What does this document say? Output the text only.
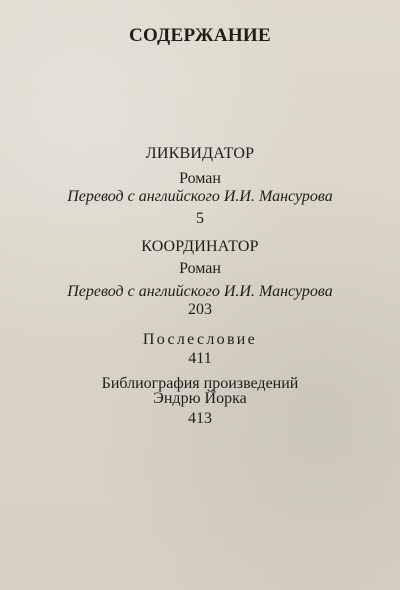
СОДЕРЖАНИЕ
ЛИКВИДАТОР
Роман
Перевод с английского И.И. Мансурова
5
КООРДИНАТОР
Роман
Перевод с английского И.И. Мансурова
203
Послесловие
411
Библиография произведений
Эндрю Йорка
413
